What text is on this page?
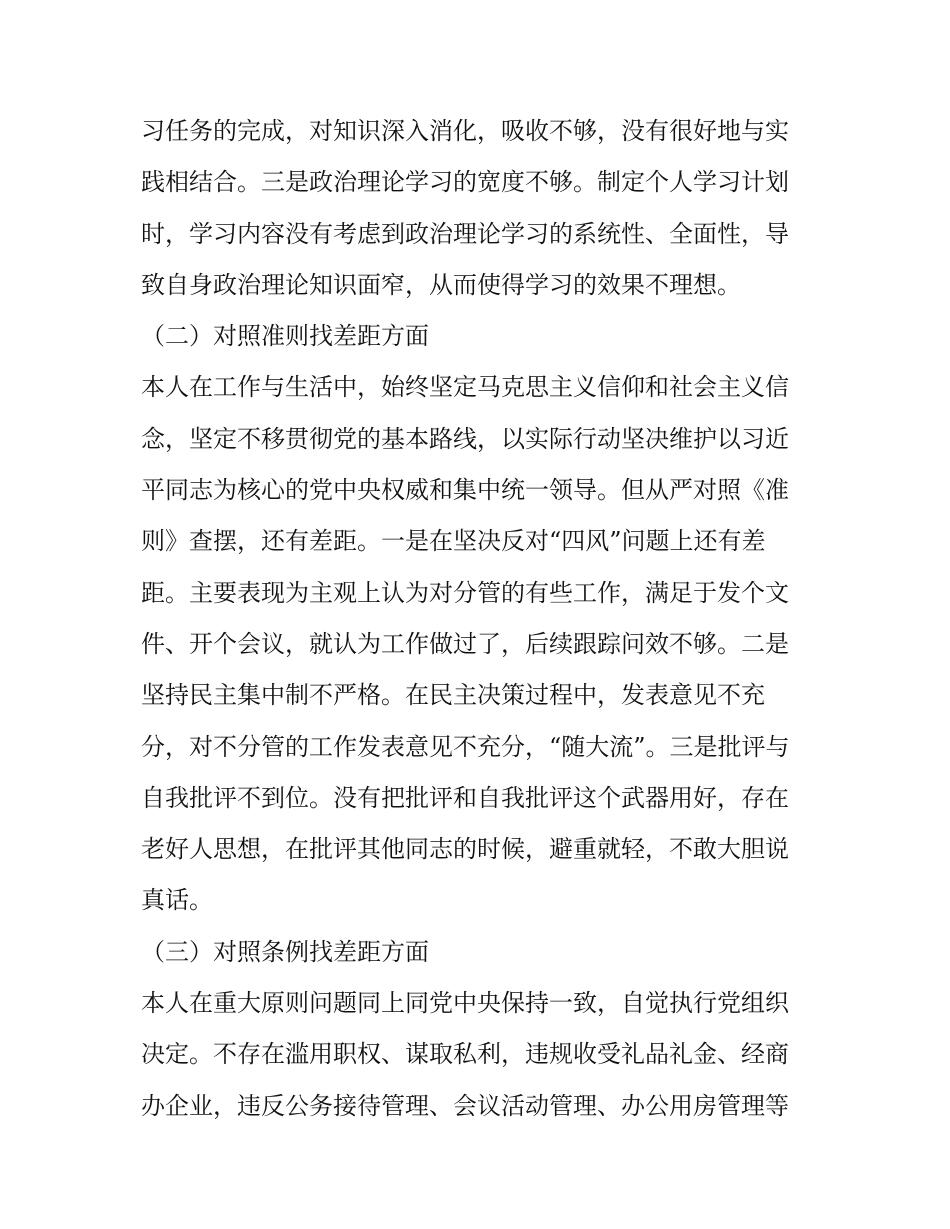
习任务的完成，对知识深入消化，吸收不够，没有很好地与实
践相结合。三是政治理论学习的宽度不够。制定个人学习计划
时，学习内容没有考虑到政治理论学习的系统性、全面性，导
致自身政治理论知识面窄，从而使得学习的效果不理想。
（二）对照准则找差距方面
本人在工作与生活中，始终坚定马克思主义信仰和社会主义信
念，坚定不移贯彻党的基本路线，以实际行动坚决维护以习近
平同志为核心的党中央权威和集中统一领导。但从严对照《准
则》查摆，还有差距。一是在坚决反对“四风”问题上还有差
距。主要表现为主观上认为对分管的有些工作，满足于发个文
件、开个会议，就认为工作做过了，后续跟踪问效不够。二是
坚持民主集中制不严格。在民主决策过程中，发表意见不充
分，对不分管的工作发表意见不充分，“随大流”。三是批评与
自我批评不到位。没有把批评和自我批评这个武器用好，存在
老好人思想，在批评其他同志的时候，避重就轻，不敢大胆说
真话。
（三）对照条例找差距方面
本人在重大原则问题同上同党中央保持一致，自觉执行党组织
决定。不存在滥用职权、谋取私利，违规收受礼品礼金、经商
办企业，违反公务接待管理、会议活动管理、办公用房管理等
